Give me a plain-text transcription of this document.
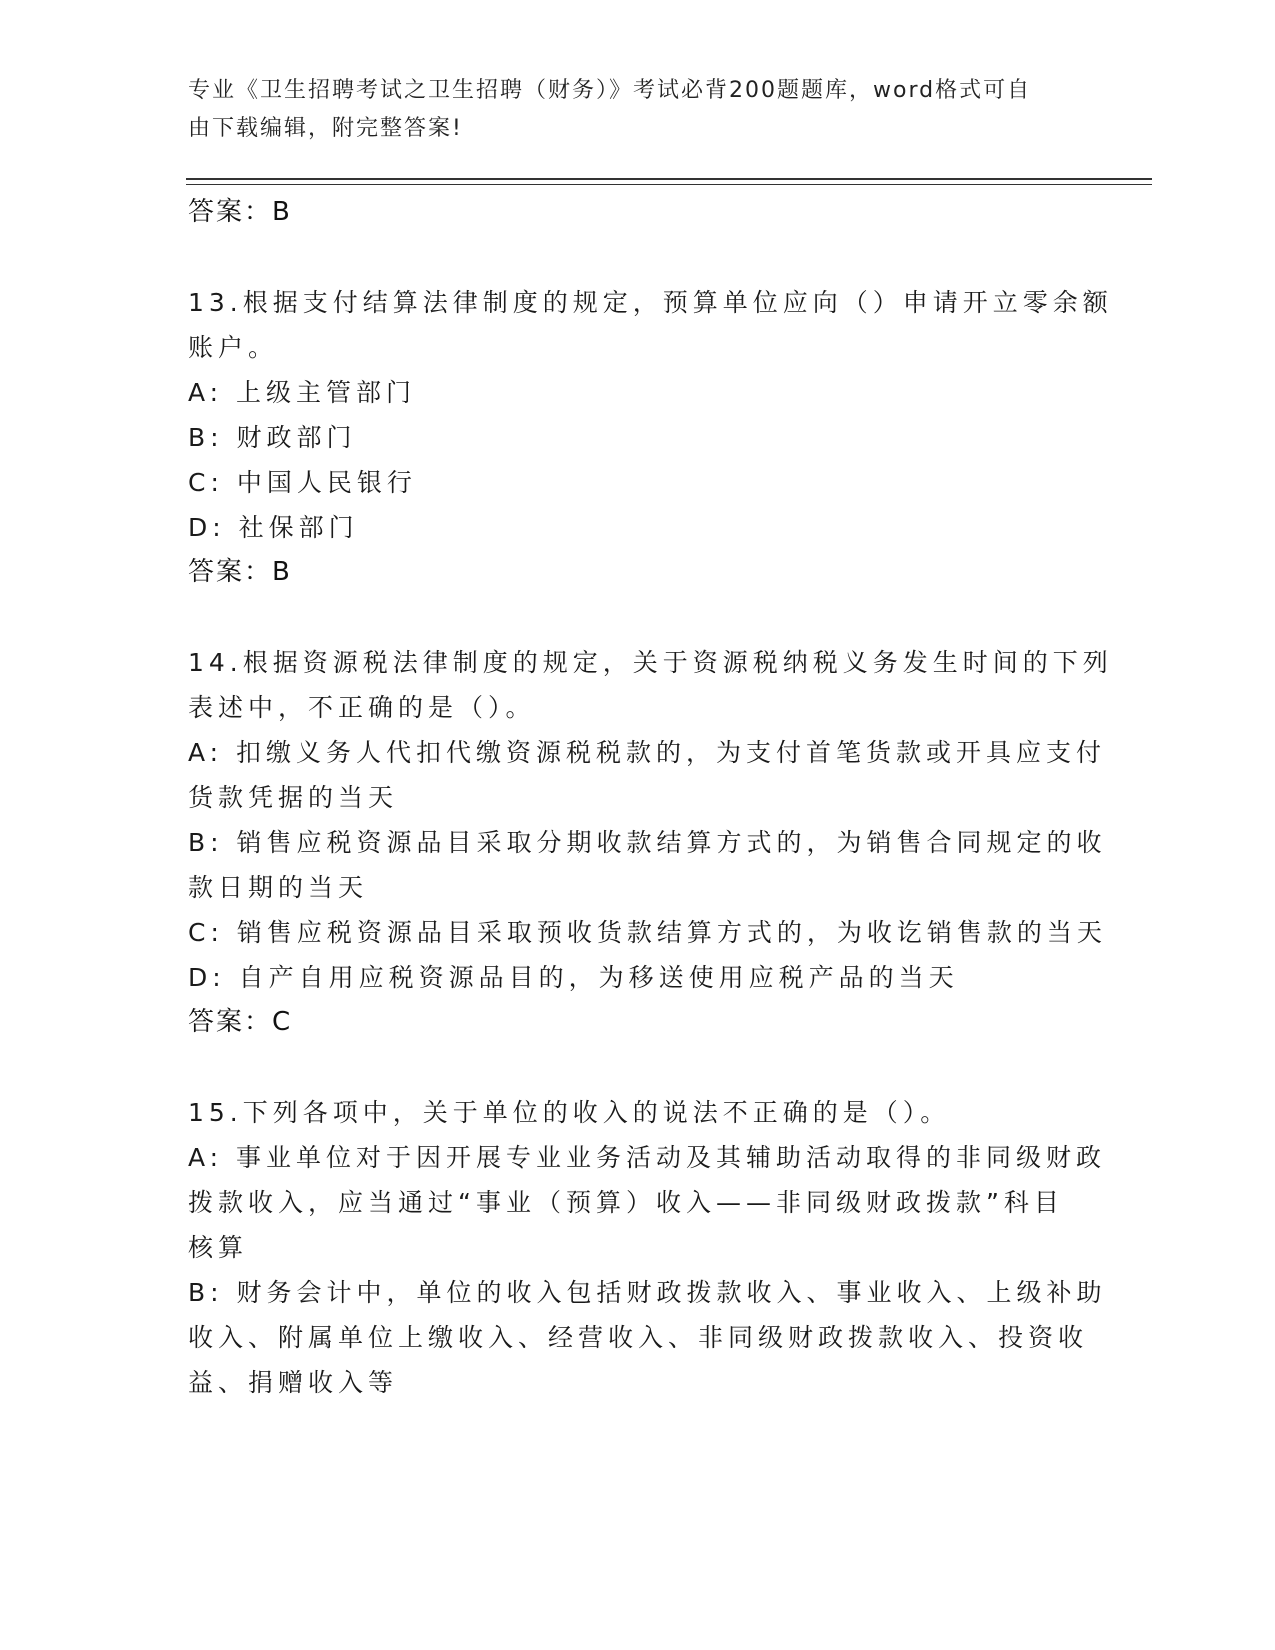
专业《卫生招聘考试之卫生招聘（财务）》考试必背200题题库，word格式可自
由下载编辑，附完整答案!
答案：B
13.根据支付结算法律制度的规定，预算单位应向（）申请开立零余额
账户。
A: 上级主管部门
B: 财政部门
C: 中国人民银行
D: 社保部门
答案：B
14.根据资源税法律制度的规定，关于资源税纳税义务发生时间的下列
表述中，不正确的是（）。
A: 扣缴义务人代扣代缴资源税税款的，为支付首笔货款或开具应支付
货款凭据的当天
B: 销售应税资源品目采取分期收款结算方式的，为销售合同规定的收
款日期的当天
C: 销售应税资源品目采取预收货款结算方式的，为收讫销售款的当天
D: 自产自用应税资源品目的，为移送使用应税产品的当天
答案：C
15.下列各项中，关于单位的收入的说法不正确的是（）。
A: 事业单位对于因开展专业业务活动及其辅助活动取得的非同级财政
拨款收入，应当通过“事业（预算）收入——非同级财政拨款”科目
核算
B: 财务会计中，单位的收入包括财政拨款收入、事业收入、上级补助
收入、附属单位上缴收入、经营收入、非同级财政拨款收入、投资收
益、捐赠收入等
